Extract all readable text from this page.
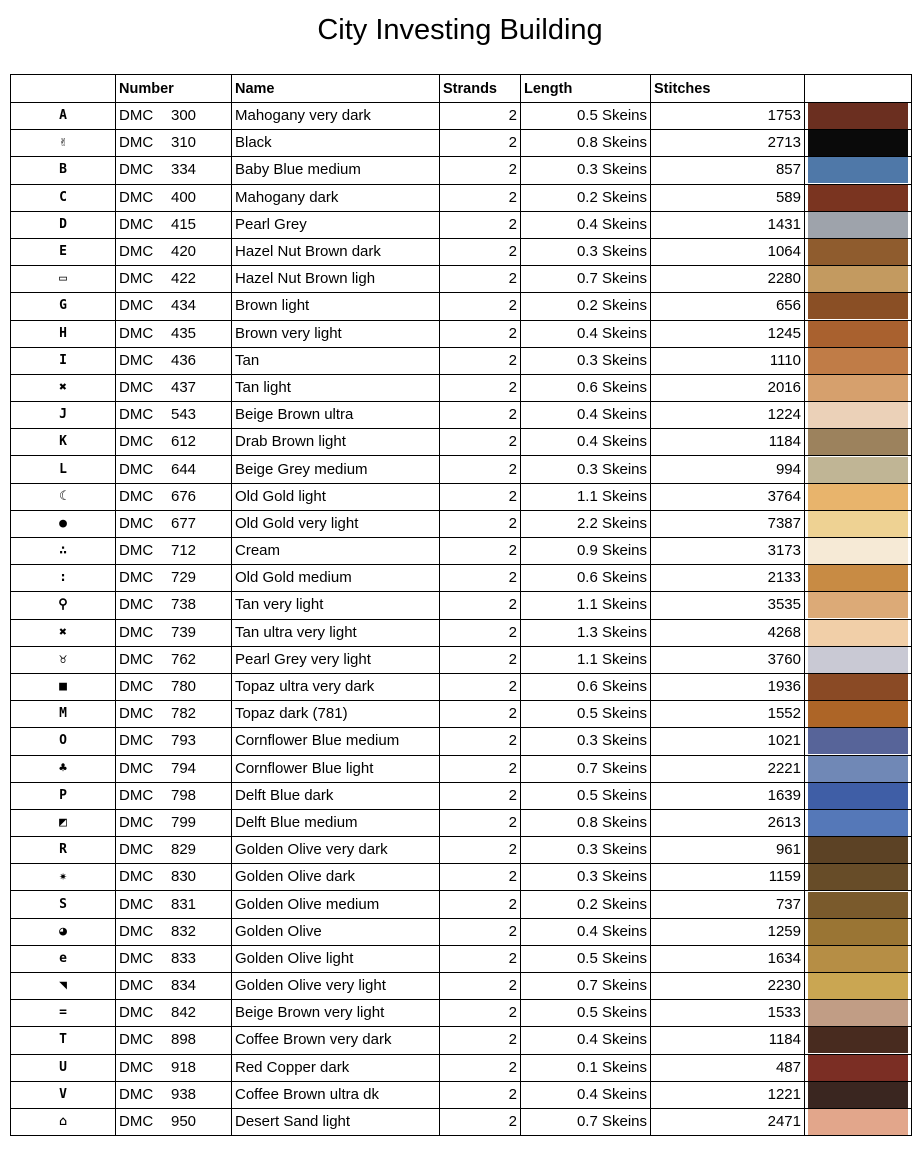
City Investing Building
	Number	Name	Strands	Length	Stitches	
A	DMC 300	Mahogany very dark	2	0.5 Skeins	1753	

✌	DMC 310	Black	2	0.8 Skeins	2713	

B	DMC 334	Baby Blue medium	2	0.3 Skeins	857	

C	DMC 400	Mahogany dark	2	0.2 Skeins	589	

D	DMC 415	Pearl Grey	2	0.4 Skeins	1431	

E	DMC 420	Hazel Nut Brown dark	2	0.3 Skeins	1064	

▭	DMC 422	Hazel Nut Brown ligh	2	0.7 Skeins	2280	

G	DMC 434	Brown light	2	0.2 Skeins	656	

H	DMC 435	Brown very light	2	0.4 Skeins	1245	

I	DMC 436	Tan	2	0.3 Skeins	1110	

✖	DMC 437	Tan light	2	0.6 Skeins	2016	

J	DMC 543	Beige Brown ultra	2	0.4 Skeins	1224	

K	DMC 612	Drab Brown light	2	0.4 Skeins	1184	

L	DMC 644	Beige Grey medium	2	0.3 Skeins	994	

☾	DMC 676	Old Gold light	2	1.1 Skeins	3764	

●	DMC 677	Old Gold very light	2	2.2 Skeins	7387	

∴	DMC 712	Cream	2	0.9 Skeins	3173	

:	DMC 729	Old Gold medium	2	0.6 Skeins	2133	

⚲	DMC 738	Tan very light	2	1.1 Skeins	3535	

✖	DMC 739	Tan ultra very light	2	1.3 Skeins	4268	

♉	DMC 762	Pearl Grey very light	2	1.1 Skeins	3760	

■	DMC 780	Topaz ultra very dark	2	0.6 Skeins	1936	

M	DMC 782	Topaz dark (781)	2	0.5 Skeins	1552	

O	DMC 793	Cornflower Blue medium	2	0.3 Skeins	1021	

♣	DMC 794	Cornflower Blue light	2	0.7 Skeins	2221	

P	DMC 798	Delft Blue dark	2	0.5 Skeins	1639	

◩	DMC 799	Delft Blue medium	2	0.8 Skeins	2613	

R	DMC 829	Golden Olive very dark	2	0.3 Skeins	961	

✷	DMC 830	Golden Olive dark	2	0.3 Skeins	1159	

S	DMC 831	Golden Olive medium	2	0.2 Skeins	737	

◕	DMC 832	Golden Olive	2	0.4 Skeins	1259	

e	DMC 833	Golden Olive light	2	0.5 Skeins	1634	

◥	DMC 834	Golden Olive very light	2	0.7 Skeins	2230	

=	DMC 842	Beige Brown very light	2	0.5 Skeins	1533	

T	DMC 898	Coffee Brown very dark	2	0.4 Skeins	1184	

U	DMC 918	Red Copper dark	2	0.1 Skeins	487	

V	DMC 938	Coffee Brown ultra dk	2	0.4 Skeins	1221	

⌂	DMC 950	Desert Sand light	2	0.7 Skeins	2471	
